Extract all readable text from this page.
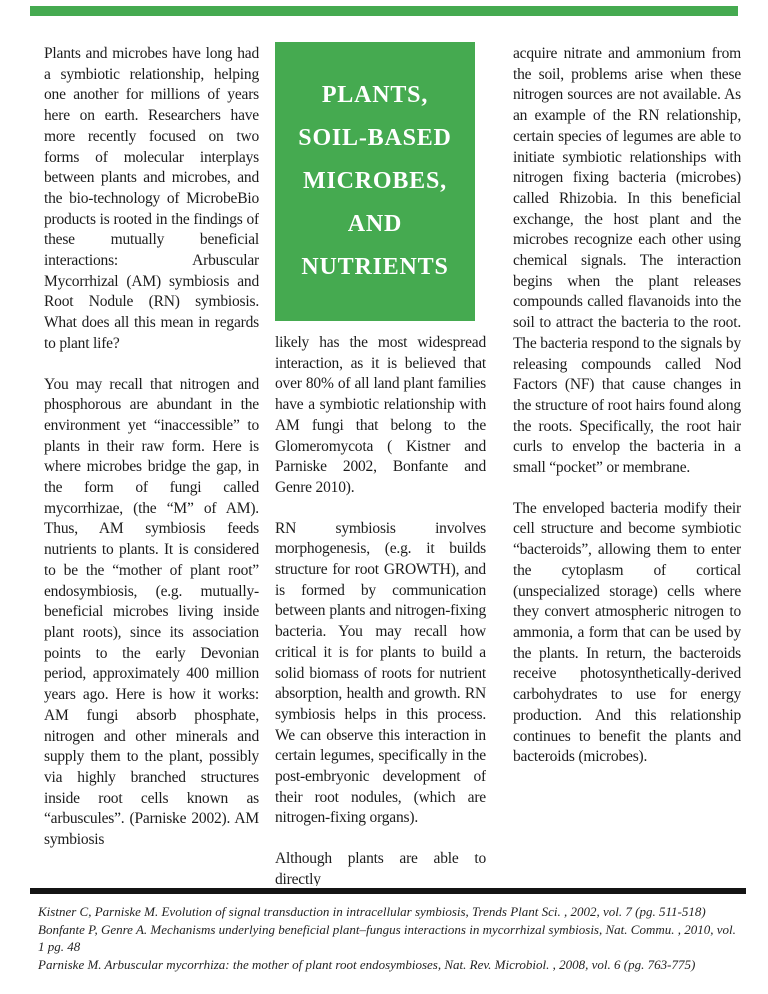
Plants and microbes have long had a symbiotic relationship, helping one another for millions of years here on earth. Researchers have more recently focused on two forms of molecular interplays between plants and microbes, and the bio-technology of MicrobeBio products is rooted in the findings of these mutually beneficial interactions: Arbuscular Mycorrhizal (AM) symbiosis and Root Nodule (RN) symbiosis. What does all this mean in regards to plant life?

You may recall that nitrogen and phosphorous are abundant in the environment yet “inaccessible” to plants in their raw form. Here is where microbes bridge the gap, in the form of fungi called mycorrhizae, (the “M” of AM). Thus, AM symbiosis feeds nutrients to plants. It is considered to be the “mother of plant root” endosymbiosis, (e.g. mutually-beneficial microbes living inside plant roots), since its association points to the early Devonian period, approximately 400 million years ago. Here is how it works: AM fungi absorb phosphate, nitrogen and other minerals and supply them to the plant, possibly via highly branched structures inside root cells known as “arbuscules”. (Parniske 2002). AM symbiosis

PLANTS,
SOIL-BASED
MICROBES,
AND
NUTRIENTS

likely has the most widespread interaction, as it is believed that over 80% of all land plant families have a symbiotic relationship with AM fungi that belong to the Glomeromycota ( Kistner and Parniske 2002, Bonfante and Genre 2010).

RN symbiosis involves morphogenesis, (e.g. it builds structure for root GROWTH), and is formed by communication between plants and nitrogen-fixing bacteria. You may recall how critical it is for plants to build a solid biomass of roots for nutrient absorption, health and growth. RN symbiosis helps in this process. We can observe this interaction in certain legumes, specifically in the post-embryonic development of their root nodules, (which are nitrogen-fixing organs).

Although plants are able to directly

acquire nitrate and ammonium from the soil, problems arise when these nitrogen sources are not available. As an example of the RN relationship, certain species of legumes are able to initiate symbiotic relationships with nitrogen fixing bacteria (microbes) called Rhizobia. In this beneficial exchange, the host plant and the microbes recognize each other using chemical signals. The interaction begins when the plant releases compounds called flavanoids into the soil to attract the bacteria to the root. The bacteria respond to the signals by releasing compounds called Nod Factors (NF) that cause changes in the structure of root hairs found along the roots. Specifically, the root hair curls to envelop the bacteria in a small “pocket” or membrane.

The enveloped bacteria modify their cell structure and become symbiotic “bacteroids”, allowing them to enter the cytoplasm of cortical (unspecialized storage) cells where they convert atmospheric nitrogen to ammonia, a form that can be used by the plants. In return, the bacteroids receive photosynthetically-derived carbohydrates to use for energy production. And this relationship continues to benefit the plants and bacteroids (microbes).

Kistner C, Parniske M. Evolution of signal transduction in intracellular symbiosis, Trends Plant Sci. , 2002, vol. 7 (pg. 511-518)

Bonfante P, Genre A. Mechanisms underlying beneficial plant–fungus interactions in mycorrhizal symbiosis, Nat. Commu. , 2010, vol. 1 pg. 48

Parniske M. Arbuscular mycorrhiza: the mother of plant root endosymbioses, Nat. Rev. Microbiol. , 2008, vol. 6 (pg. 763-775)
